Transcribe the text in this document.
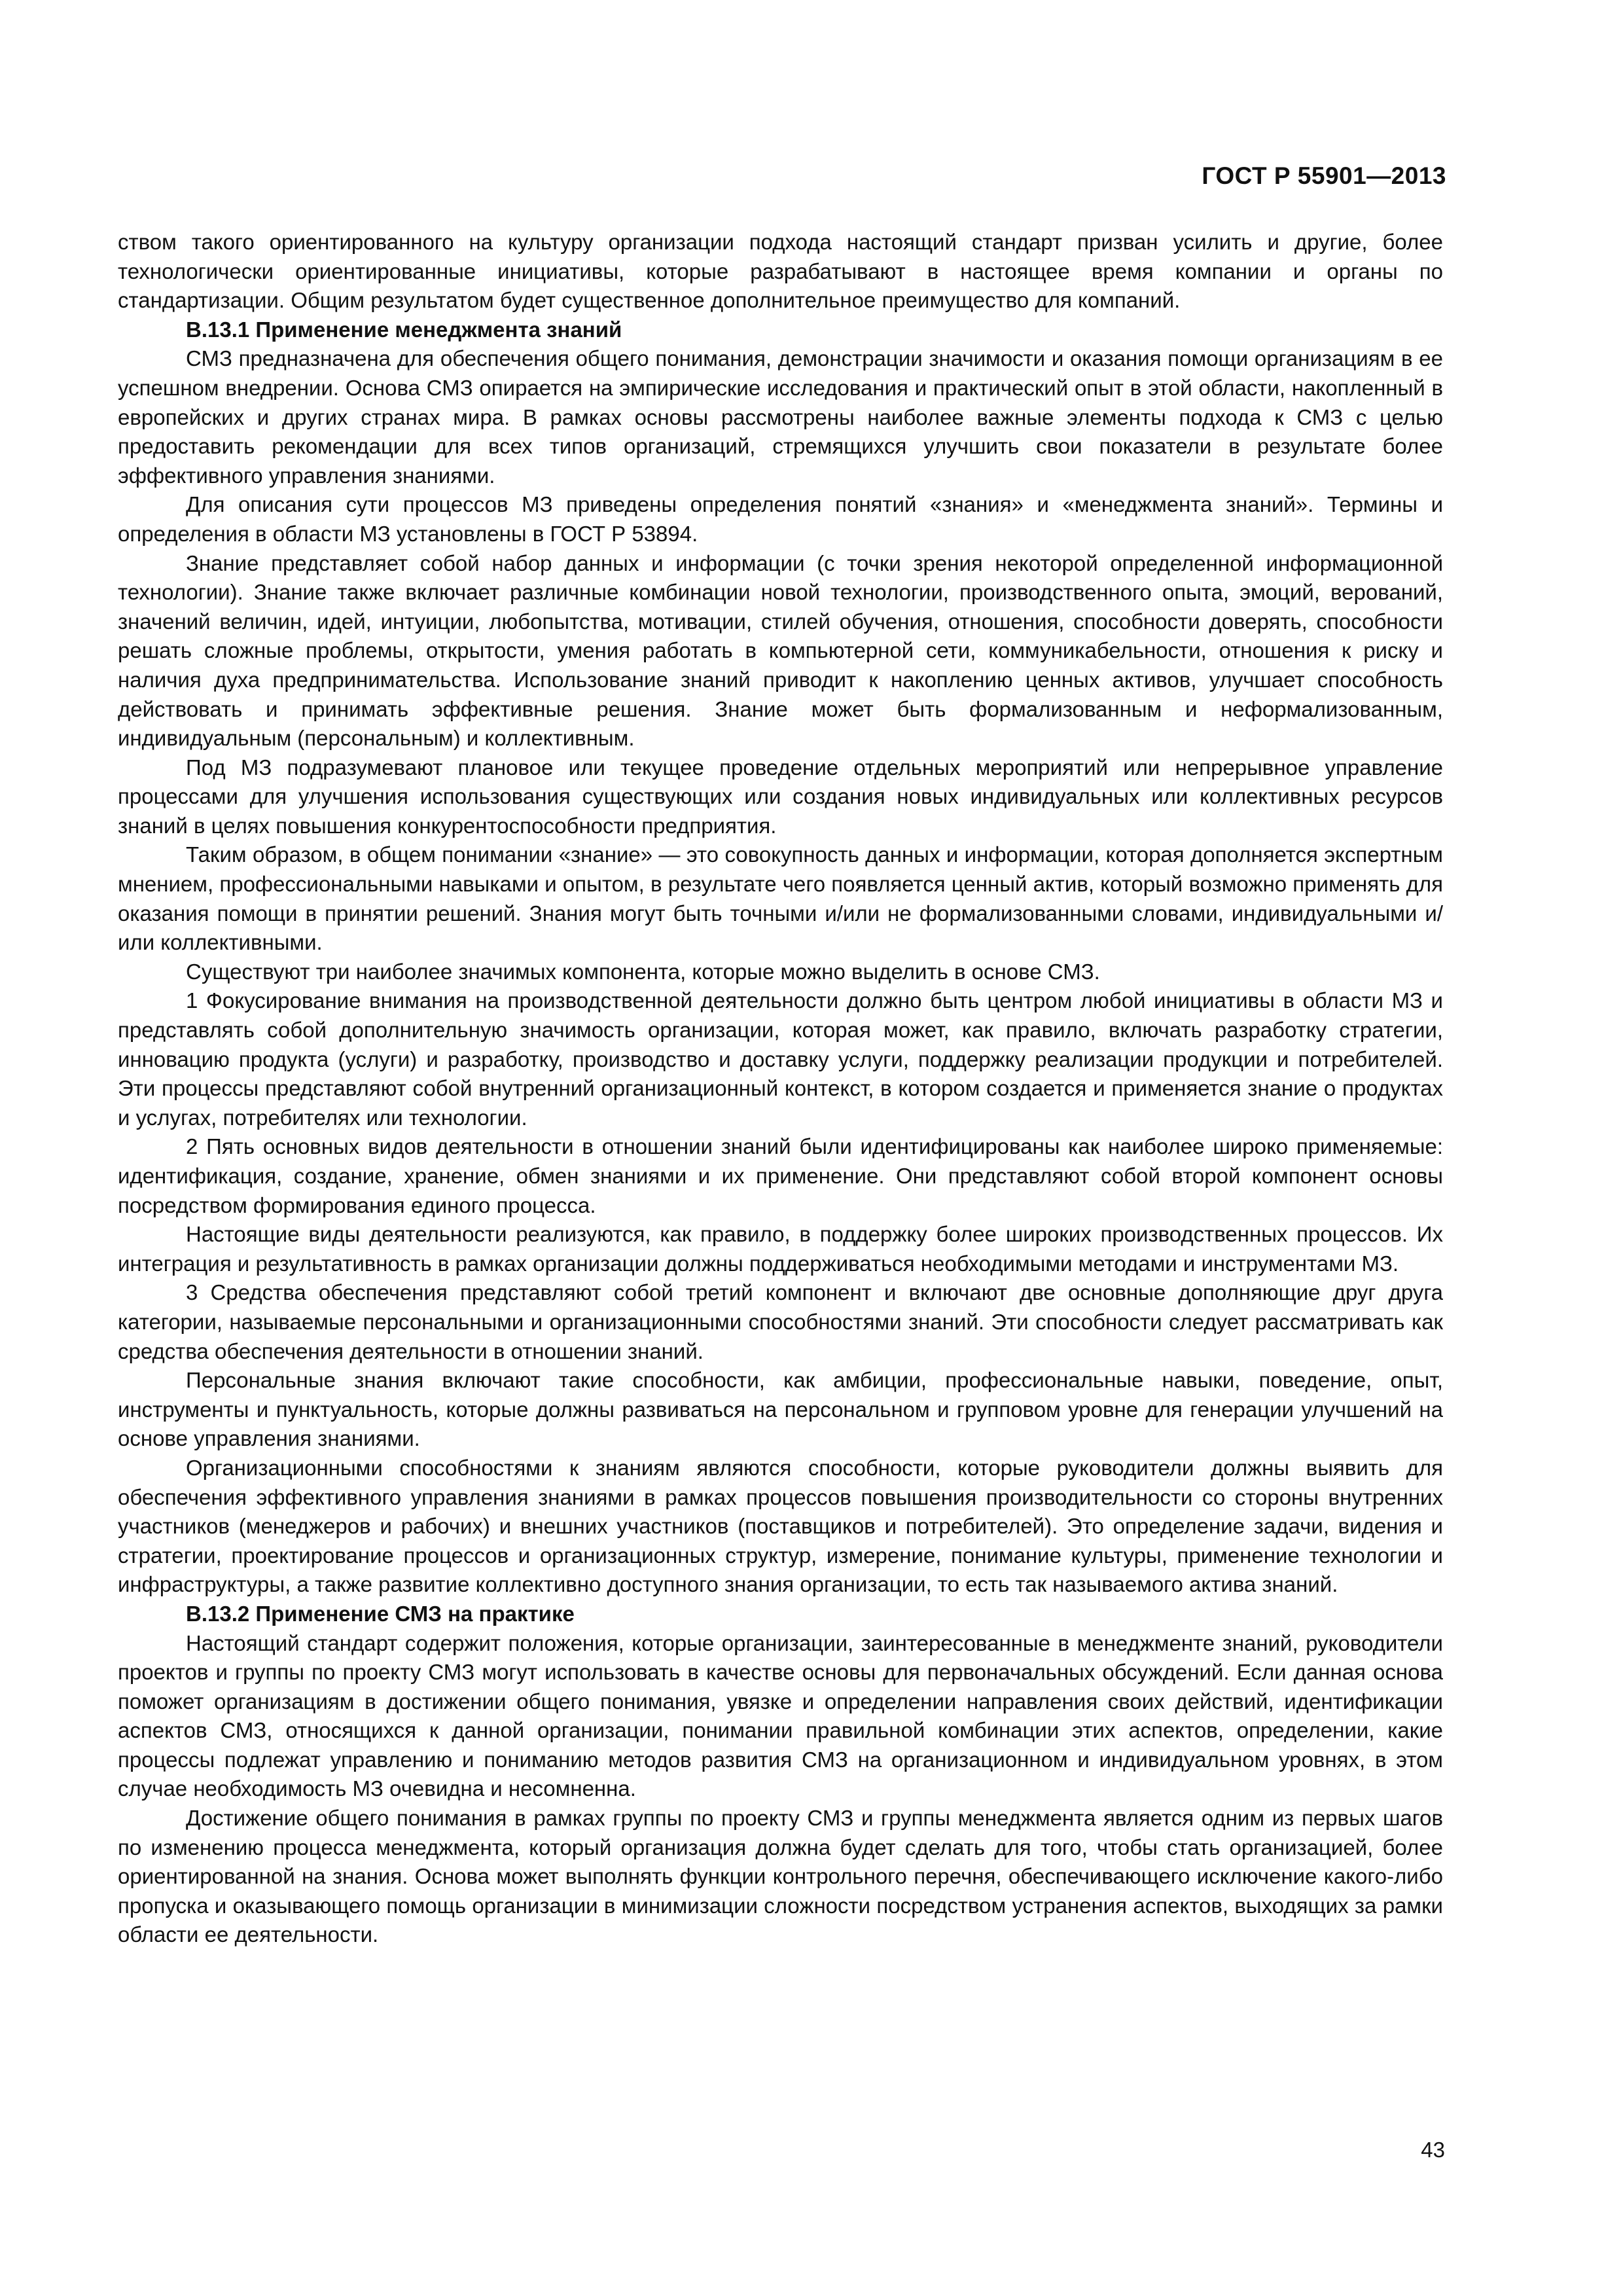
ГОСТ Р 55901—2013

ством такого ориентированного на культуру организации подхода настоящий стандарт призван усилить и другие, более технологически ориентированные инициативы, которые разрабатывают в настоящее время компании и органы по стандартизации. Общим результатом будет существенное дополнительное преимущество для компаний.

В.13.1 Применение менеджмента знаний

СМЗ предназначена для обеспечения общего понимания, демонстрации значимости и оказания помощи организациям в ее успешном внедрении. Основа СМЗ опирается на эмпирические исследования и практический опыт в этой области, накопленный в европейских и других странах мира. В рамках основы рассмотрены наиболее важные элементы подхода к СМЗ с целью предоставить рекомендации для всех типов организаций, стремящихся улучшить свои показатели в результате более эффективного управления знаниями.

Для описания сути процессов МЗ приведены определения понятий «знания» и «менеджмента знаний». Термины и определения в области МЗ установлены в ГОСТ Р 53894.

Знание представляет собой набор данных и информации (с точки зрения некоторой определенной информационной технологии). Знание также включает различные комбинации новой технологии, производственного опыта, эмоций, верований, значений величин, идей, интуиции, любопытства, мотивации, стилей обучения, отношения, способности доверять, способности решать сложные проблемы, открытости, умения работать в компьютерной сети, коммуникабельности, отношения к риску и наличия духа предпринимательства. Использование знаний приводит к накоплению ценных активов, улучшает способность действовать и принимать эффективные решения. Знание может быть формализованным и неформализованным, индивидуальным (персональным) и коллективным.

Под МЗ подразумевают плановое или текущее проведение отдельных мероприятий или непрерывное управление процессами для улучшения использования существующих или создания новых индивидуальных или коллективных ресурсов знаний в целях повышения конкурентоспособности предприятия.

Таким образом, в общем понимании «знание» — это совокупность данных и информации, которая дополняется экспертным мнением, профессиональными навыками и опытом, в результате чего появляется ценный актив, который возможно применять для оказания помощи в принятии решений. Знания могут быть точными и/или не формализованными словами, индивидуальными и/или коллективными.

Существуют три наиболее значимых компонента, которые можно выделить в основе СМЗ.

1 Фокусирование внимания на производственной деятельности должно быть центром любой инициативы в области МЗ и представлять собой дополнительную значимость организации, которая может, как правило, включать разработку стратегии, инновацию продукта (услуги) и разработку, производство и доставку услуги, поддержку реализации продукции и потребителей. Эти процессы представляют собой внутренний организационный контекст, в котором создается и применяется знание о продуктах и услугах, потребителях или технологии.

2 Пять основных видов деятельности в отношении знаний были идентифицированы как наиболее широко применяемые: идентификация, создание, хранение, обмен знаниями и их применение. Они представляют собой второй компонент основы посредством формирования единого процесса.

Настоящие виды деятельности реализуются, как правило, в поддержку более широких производственных процессов. Их интеграция и результативность в рамках организации должны поддерживаться необходимыми методами и инструментами МЗ.

3 Средства обеспечения представляют собой третий компонент и включают две основные дополняющие друг друга категории, называемые персональными и организационными способностями знаний. Эти способности следует рассматривать как средства обеспечения деятельности в отношении знаний.

Персональные знания включают такие способности, как амбиции, профессиональные навыки, поведение, опыт, инструменты и пунктуальность, которые должны развиваться на персональном и групповом уровне для генерации улучшений на основе управления знаниями.

Организационными способностями к знаниям являются способности, которые руководители должны выявить для обеспечения эффективного управления знаниями в рамках процессов повышения производительности со стороны внутренних участников (менеджеров и рабочих) и внешних участников (поставщиков и потребителей). Это определение задачи, видения и стратегии, проектирование процессов и организационных структур, измерение, понимание культуры, применение технологии и инфраструктуры, а также развитие коллективно доступного знания организации, то есть так называемого актива знаний.

В.13.2 Применение СМЗ на практике

Настоящий стандарт содержит положения, которые организации, заинтересованные в менеджменте знаний, руководители проектов и группы по проекту СМЗ могут использовать в качестве основы для первоначальных обсуждений. Если данная основа поможет организациям в достижении общего понимания, увязке и определении направления своих действий, идентификации аспектов СМЗ, относящихся к данной организации, понимании правильной комбинации этих аспектов, определении, какие процессы подлежат управлению и пониманию методов развития СМЗ на организационном и индивидуальном уровнях, в этом случае необходимость МЗ очевидна и несомненна.

Достижение общего понимания в рамках группы по проекту СМЗ и группы менеджмента является одним из первых шагов по изменению процесса менеджмента, который организация должна будет сделать для того, чтобы стать организацией, более ориентированной на знания. Основа может выполнять функции контрольного перечня, обеспечивающего исключение какого-либо пропуска и оказывающего помощь организации в минимизации сложности посредством устранения аспектов, выходящих за рамки области ее деятельности.

43
